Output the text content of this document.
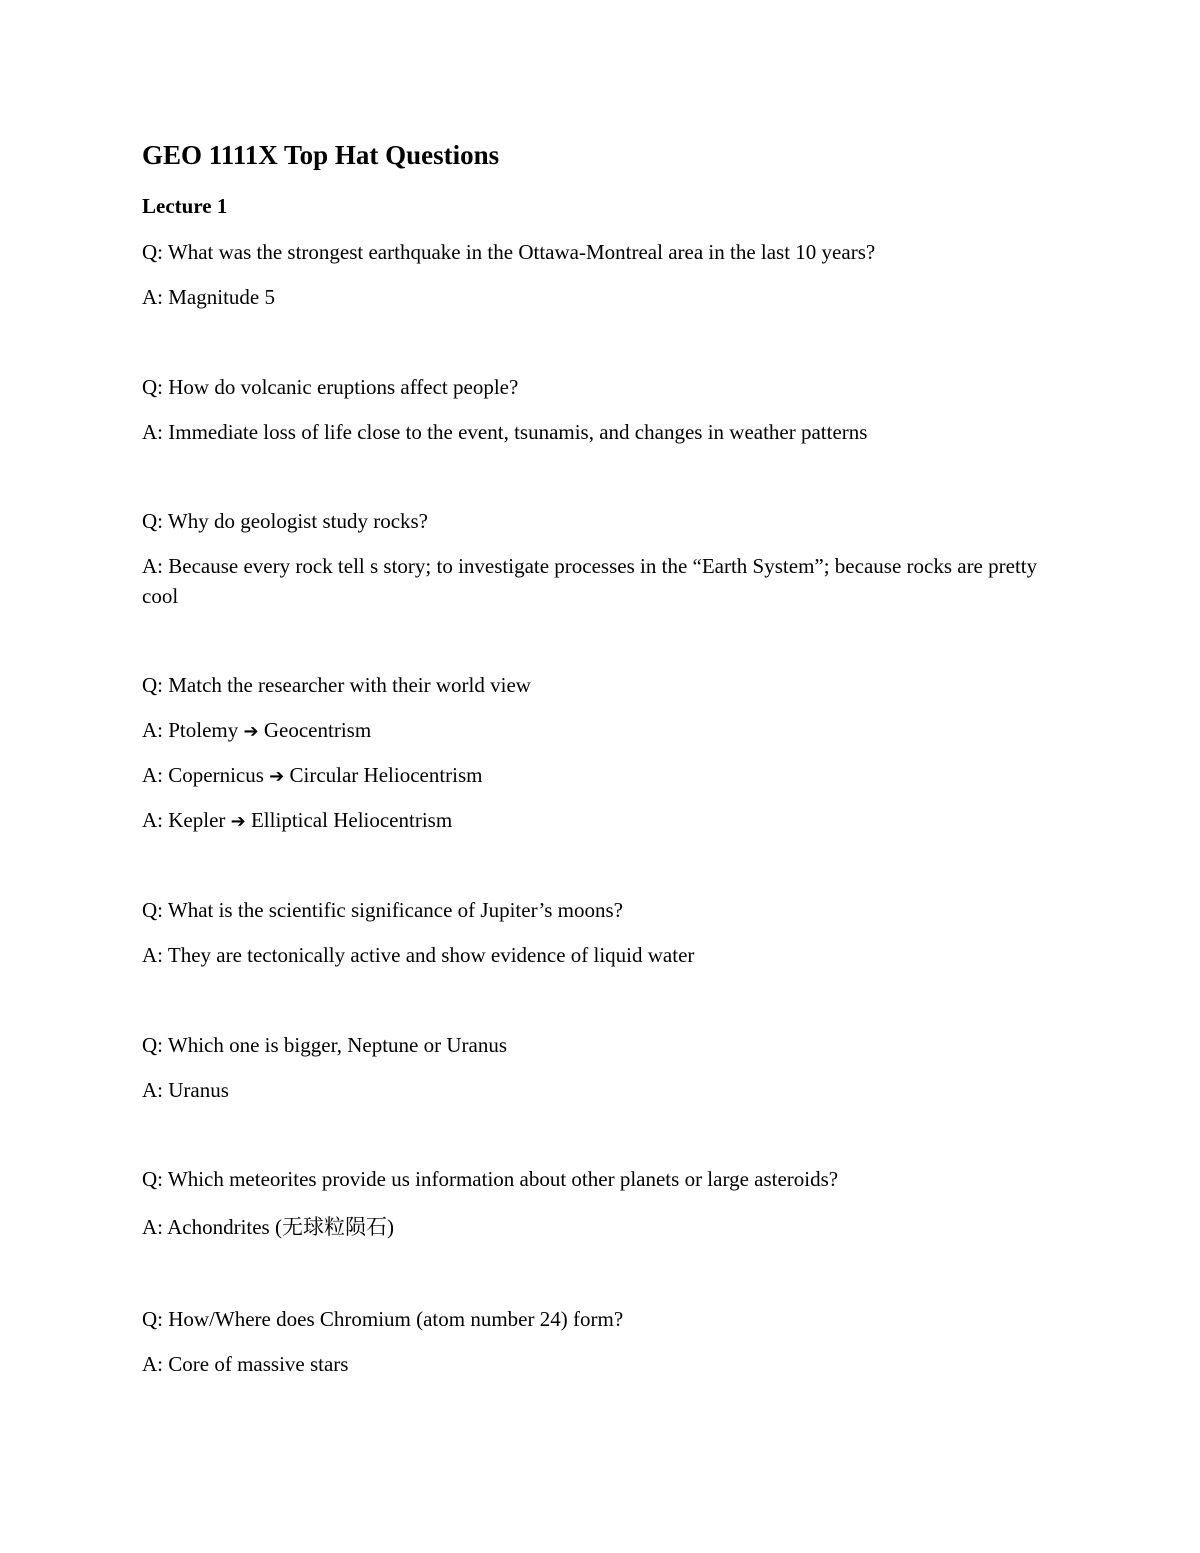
GEO 1111X Top Hat Questions
Lecture 1

Q: What was the strongest earthquake in the Ottawa-Montreal area in the last 10 years?

A: Magnitude 5

Q: How do volcanic eruptions affect people?

A: Immediate loss of life close to the event, tsunamis, and changes in weather patterns

Q: Why do geologist study rocks?

A: Because every rock tell s story; to investigate processes in the “Earth System”; because rocks are pretty cool

Q: Match the researcher with their world view

A: Ptolemy ➔ Geocentrism

A: Copernicus ➔ Circular Heliocentrism

A: Kepler ➔ Elliptical Heliocentrism

Q: What is the scientific significance of Jupiter’s moons?

A: They are tectonically active and show evidence of liquid water

Q: Which one is bigger, Neptune or Uranus

A: Uranus

Q: Which meteorites provide us information about other planets or large asteroids?

A: Achondrites (无球粒陨石)

Q: How/Where does Chromium (atom number 24) form?

A: Core of massive stars
